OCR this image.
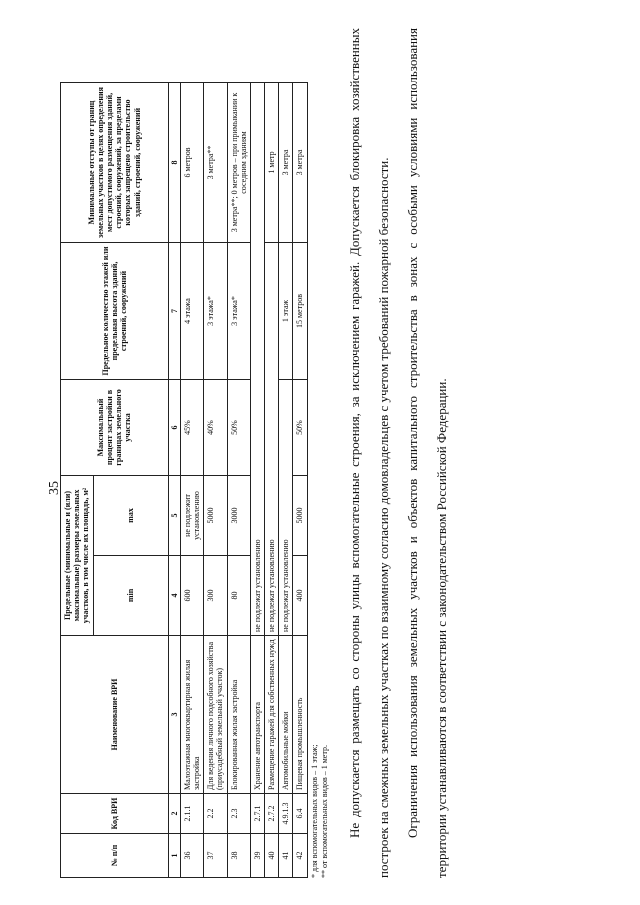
35
№ п/п	Код ВРИ	Наименование ВРИ	Предельные (минимальные и (или) максимальные) размеры земельных участков, в том числе их площадь, м²		Максимальный процент застройки в границах земельного участка	Предельное количество этажей или предельная высота зданий, строений, сооружений	Минимальные отступы от границ земельных участков в целях определения мест допустимого размещения зданий, строений, сооружений, за пределами которых запрещено строительство зданий, строений, сооружений
			min	max			
1	2	3	4	5	6	7	8
36	2.1.1	Малоэтажная многоквартирная жилая застройка	600	не подлежит установлению	45%	4 этажа	6 метров
37	2.2	Для ведения личного подсобного хозяйства (приусадебный земельный участок)	300	5000	40%	3 этажа*	3 метра**
38	2.3	Блокированная жилая застройка	80	3000	50%	3 этажа*	3 метра**; 0 метров – при примыкании к соседним зданиям
39	2.7.1	Хранение автотранспорта	не подлежат установлению				
40	2.7.2	Размещение гаражей для собственных нужд	не подлежат установлению				1 метр
41	4.9.1.3	Автомобильные мойки	не подлежат установлению			1 этаж	3 метра
42	6.4	Пищевая промышленность	400	5000	50%	15 метров	3 метра
* для вспомогательных видов – 1 этаж; ** от вспомогательных видов – 1 метр.	Не допускается размещать со стороны улицы вспомогательные строения, за исключением гаражей. Допускается блокировка хозяйственных построек на смежных земельных участках по взаимному согласию домовладельцев с учетом требований пожарной безопасности.	Ограничения использования земельных участков и объектов капитального строительства в зонах с особыми условиями использования территории устанавливаются в соответствии с законодательством Российской Федерации.
